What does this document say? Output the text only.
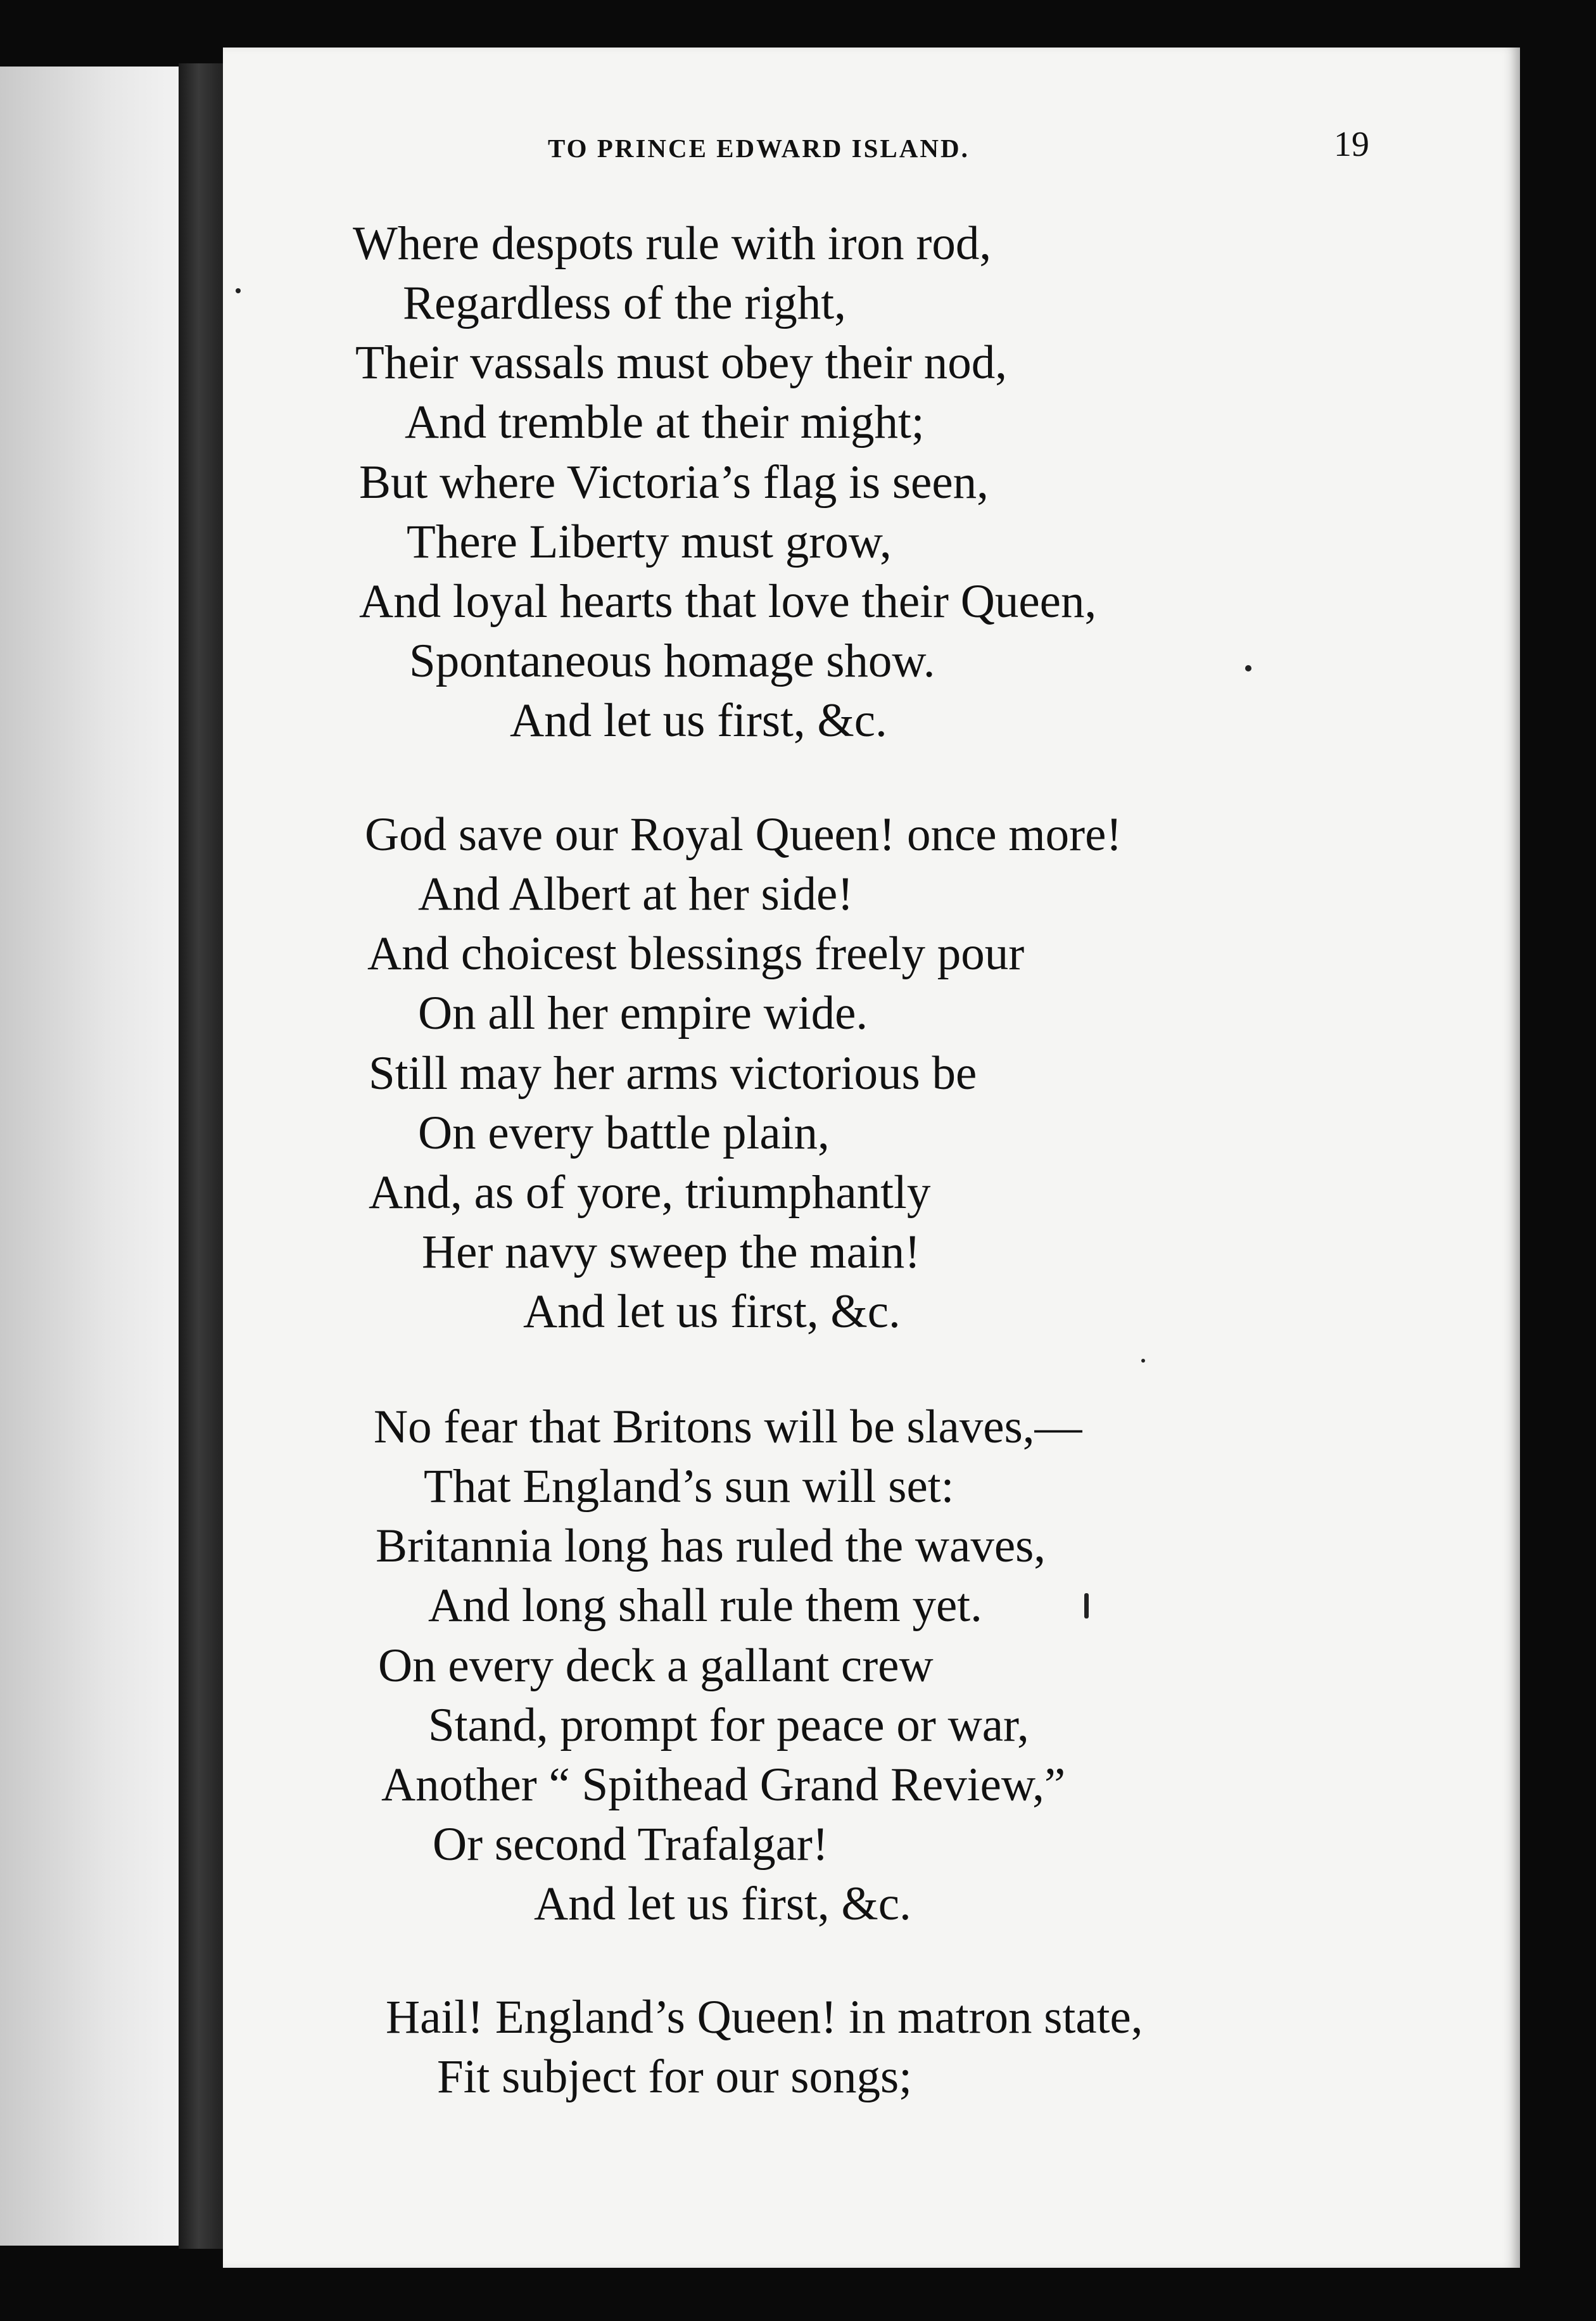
TO PRINCE EDWARD ISLAND.	19
Where despots rule with iron rod,
Regardless of the right,
Their vassals must obey their nod,
And tremble at their might;
But where Victoria’s flag is seen,
There Liberty must grow,
And loyal hearts that love their Queen,
Spontaneous homage show.
And let us first, &c.
God save our Royal Queen! once more!
And Albert at her side!
And choicest blessings freely pour
On all her empire wide.
Still may her arms victorious be
On every battle plain,
And, as of yore, triumphantly
Her navy sweep the main!
And let us first, &c.
No fear that Britons will be slaves,—
That England’s sun will set:
Britannia long has ruled the waves,
And long shall rule them yet.
On every deck a gallant crew
Stand, prompt for peace or war,
Another “ Spithead Grand Review,”
Or second Trafalgar!
And let us first, &c.
Hail! England’s Queen! in matron state,
Fit subject for our songs;
